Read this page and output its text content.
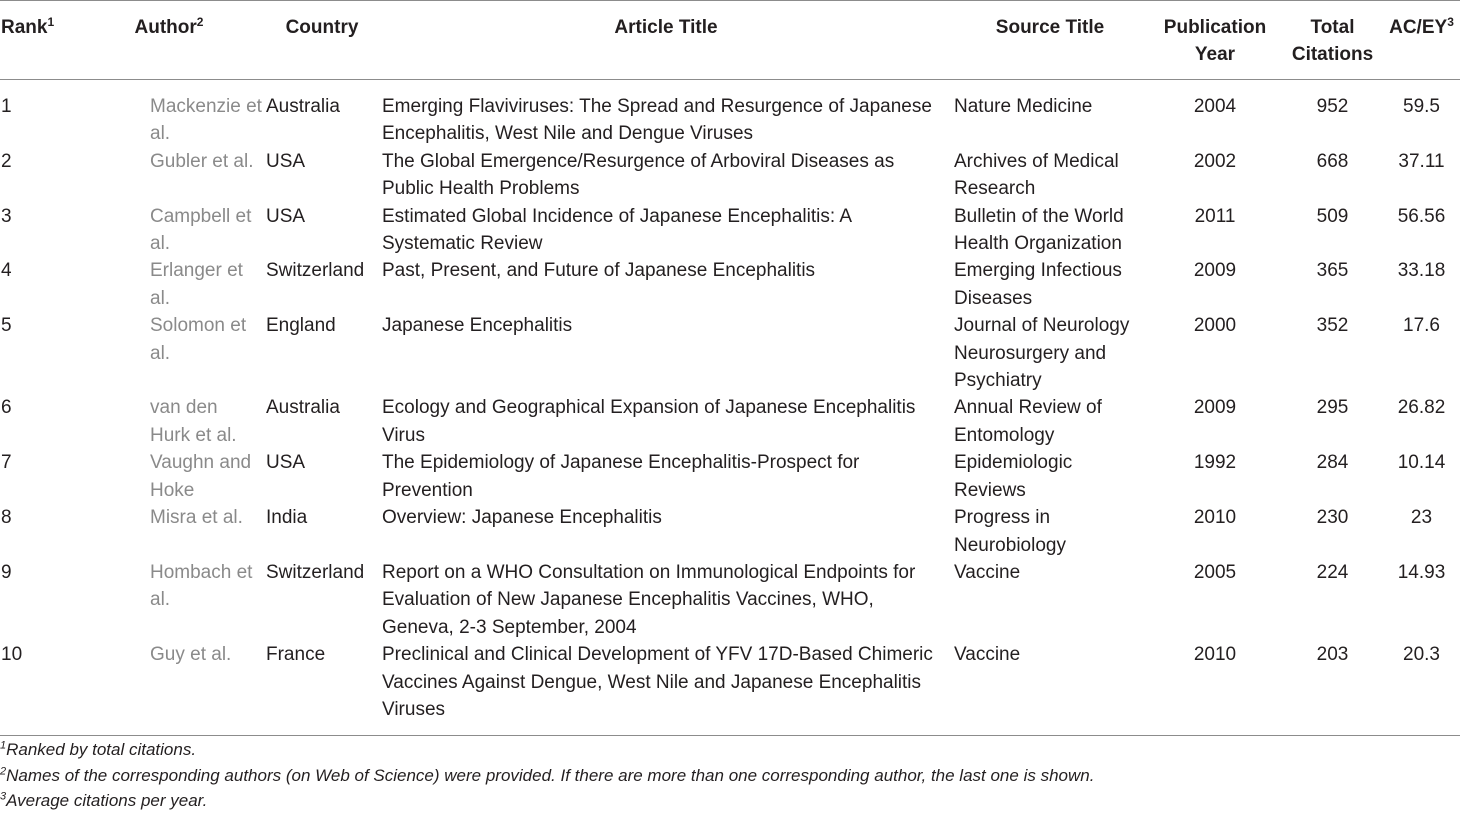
Rank$^1$	Author$^2$	Country	Article Title	Source Title	Publication Year	Total Citations	$AC/EY^3$
1	Mackenzie et al.	Australia	Emerging Flaviviruses: The Spread and Resurgence of Japanese Encephalitis, West Nile and Dengue Viruses	Nature Medicine	2004	952	59.5
2	Gubler et al.	USA	The Global Emergence/Resurgence of Arboviral Diseases as Public Health Problems	Archives of Medical Research	2002	668	37.11
3	Campbell et al.	USA	Estimated Global Incidence of Japanese Encephalitis: A Systematic Review	Bulletin of the World Health Organization	2011	509	56.56
4	Erlanger et al.	Switzerland	Past, Present, and Future of Japanese Encephalitis	Emerging Infectious Diseases	2009	365	33.18
5	Solomon et al.	England	Japanese Encephalitis	Journal of Neurology Neurosurgery and Psychiatry	2000	352	17.6
6	van den Hurk et al.	Australia	Ecology and Geographical Expansion of Japanese Encephalitis Virus	Annual Review of Entomology	2009	295	26.82
7	Vaughn and Hoke	USA	The Epidemiology of Japanese Encephalitis-Prospect for Prevention	Epidemiologic Reviews	1992	284	10.14
8	Misra et al.	India	Overview: Japanese Encephalitis	Progress in Neurobiology	2010	230	23
9	Hombach et al.	Switzerland	Report on a WHO Consultation on Immunological Endpoints for Evaluation of New Japanese Encephalitis Vaccines, WHO, Geneva, 2-3 September, 2004	Vaccine	2005	224	14.93
10	Guy et al.	France	Preclinical and Clinical Development of YFV 17D-Based Chimeric Vaccines Against Dengue, West Nile and Japanese Encephalitis Viruses	Vaccine	2010	203	20.3
$^1$Ranked by total citations.
$^2$Names of the corresponding authors (on Web of Science) were provided. If there are more than one corresponding author, the last one is shown.
$^3$Average citations per year.
